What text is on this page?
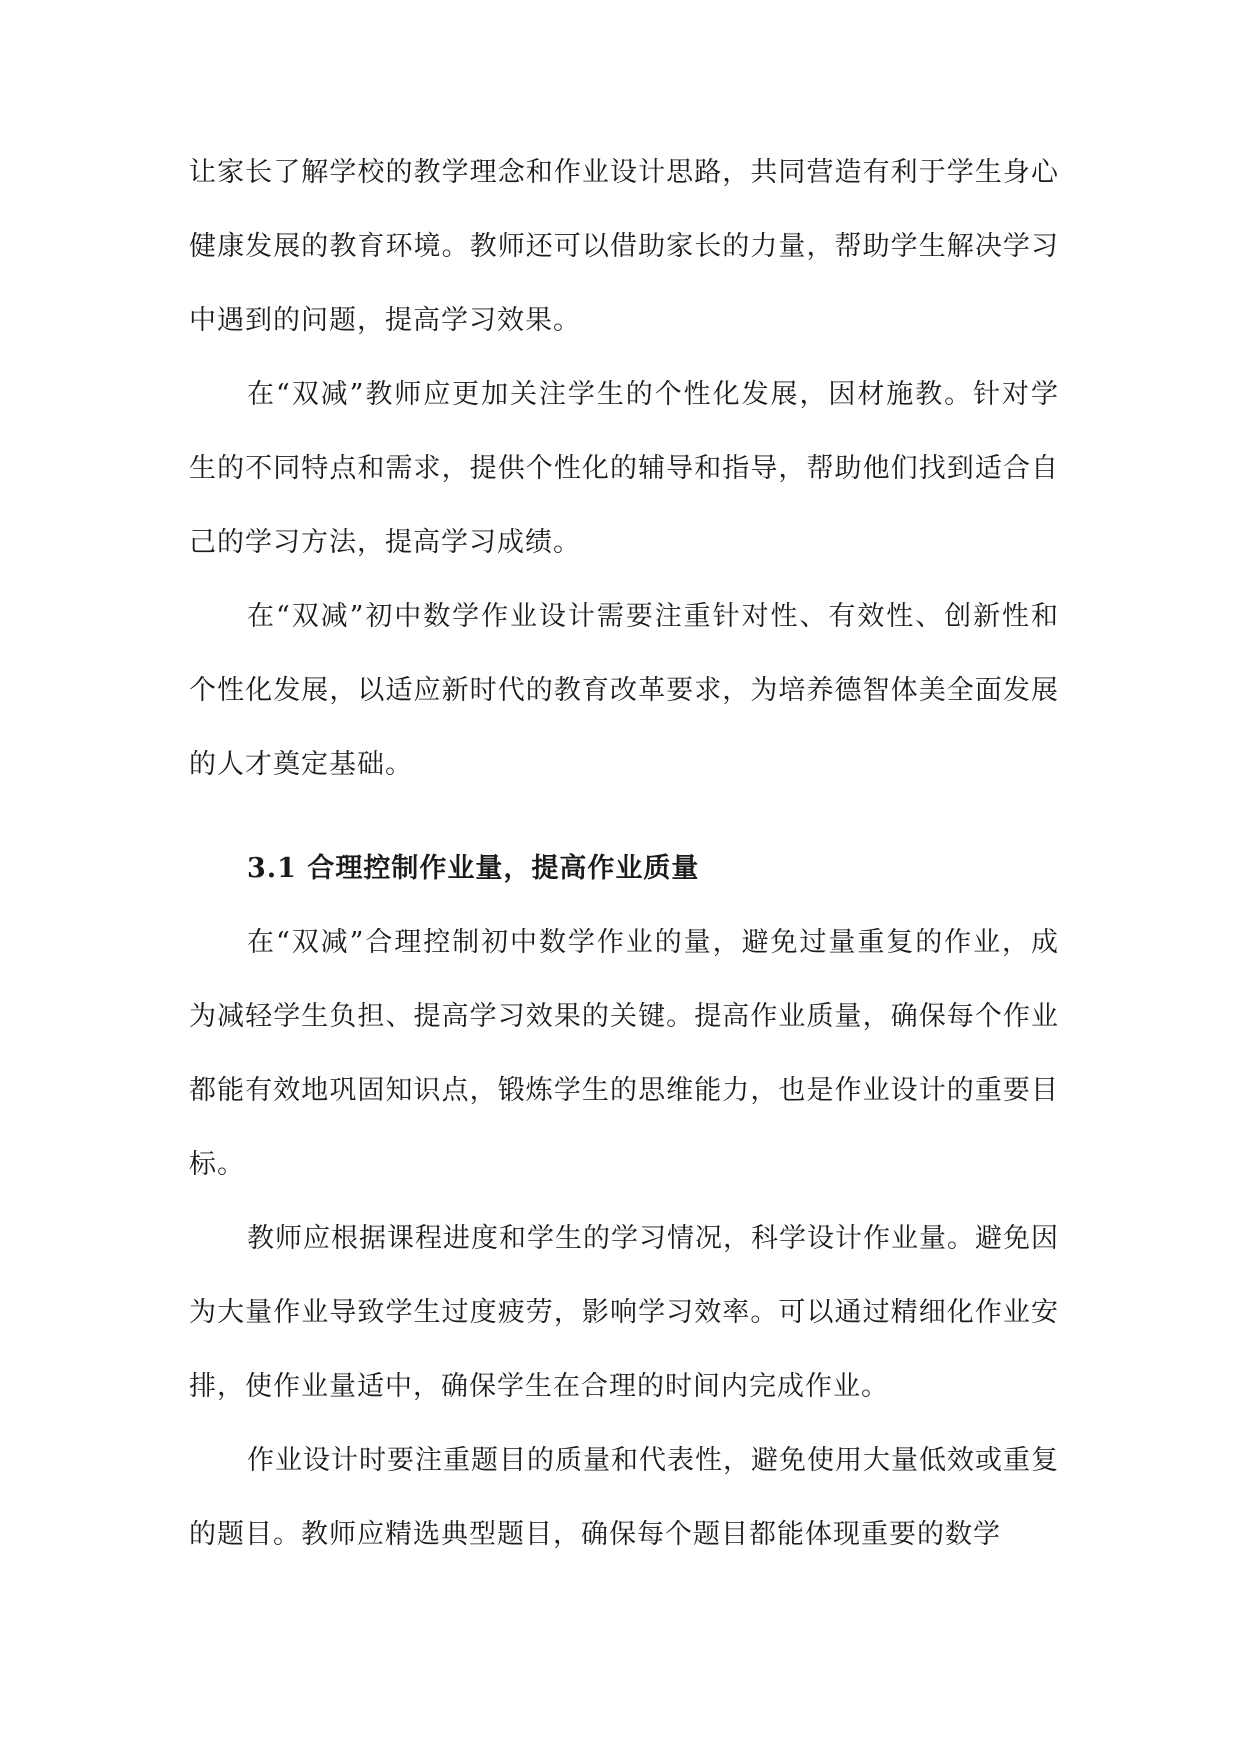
让家长了解学校的教学理念和作业设计思路，共同营造有利于学生身心健康发展的教育环境。教师还可以借助家长的力量，帮助学生解决学习中遇到的问题，提高学习效果。

在“双减”教师应更加关注学生的个性化发展，因材施教。针对学生的不同特点和需求，提供个性化的辅导和指导，帮助他们找到适合自己的学习方法，提高学习成绩。

在“双减”初中数学作业设计需要注重针对性、有效性、创新性和个性化发展，以适应新时代的教育改革要求，为培养德智体美全面发展的人才奠定基础。

3.1 合理控制作业量，提高作业质量

在“双减”合理控制初中数学作业的量，避免过量重复的作业，成为减轻学生负担、提高学习效果的关键。提高作业质量，确保每个作业都能有效地巩固知识点，锻炼学生的思维能力，也是作业设计的重要目标。

教师应根据课程进度和学生的学习情况，科学设计作业量。避免因为大量作业导致学生过度疲劳，影响学习效率。可以通过精细化作业安排，使作业量适中，确保学生在合理的时间内完成作业。

作业设计时要注重题目的质量和代表性，避免使用大量低效或重复的题目。教师应精选典型题目，确保每个题目都能体现重要的数学
